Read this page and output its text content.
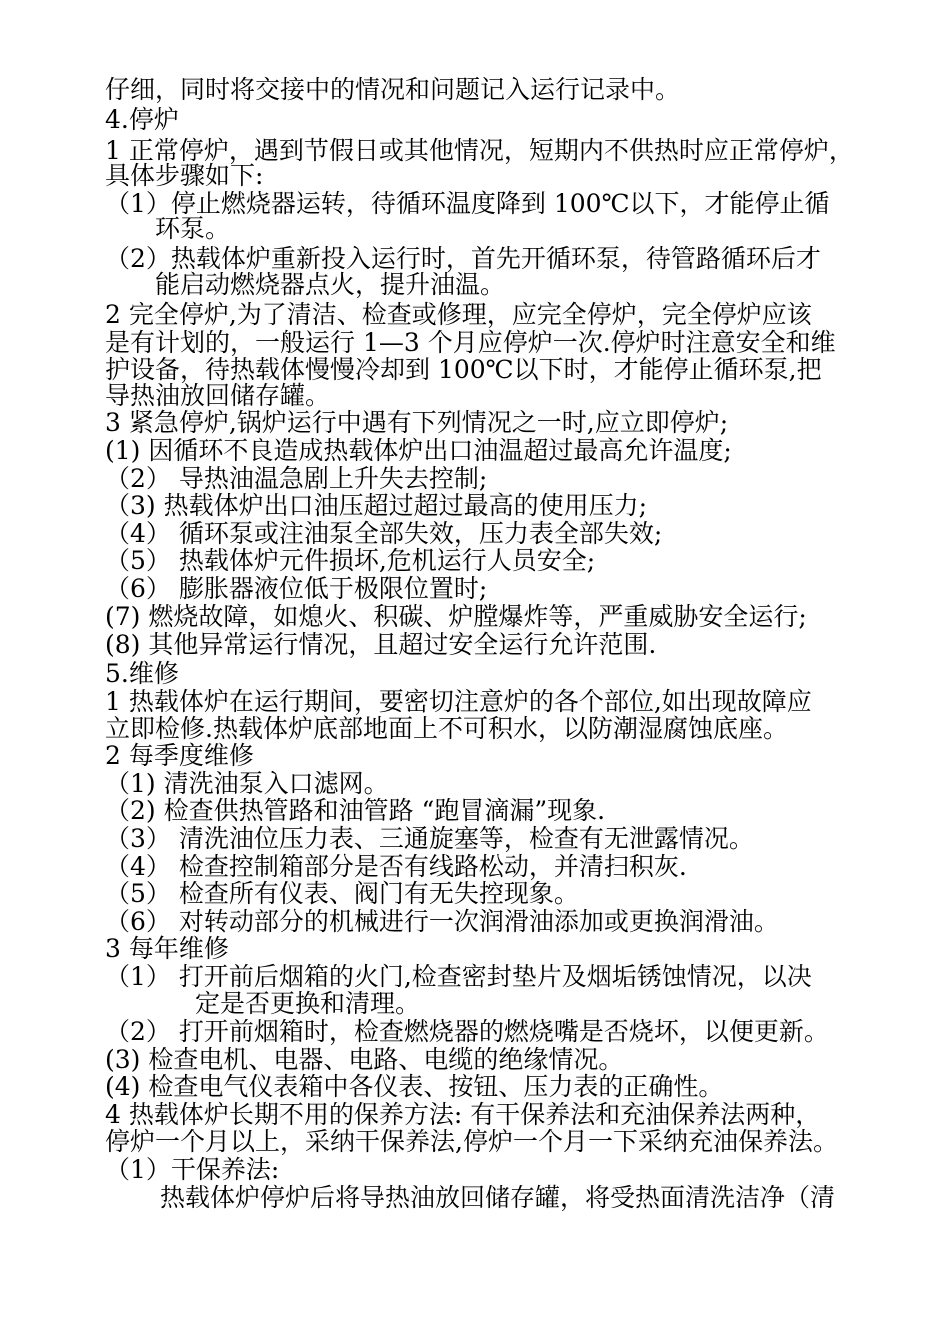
仔细，同时将交接中的情况和问题记入运行记录中。

4.停炉

1 正常停炉，遇到节假日或其他情况，短期内不供热时应正常停炉，

具体步骤如下:

（1）停止燃烧器运转，待循环温度降到 100℃以下，才能停止循

环泵。

（2）热载体炉重新投入运行时，首先开循环泵，待管路循环后才

能启动燃烧器点火，提升油温。

2 完全停炉,为了清洁、检查或修理，应完全停炉，完全停炉应该

是有计划的，一般运行 1—3 个月应停炉一次.停炉时注意安全和维

护设备，待热载体慢慢冷却到 100℃以下时，才能停止循环泵,把

导热油放回储存罐。

3 紧急停炉,锅炉运行中遇有下列情况之一时,应立即停炉;

(1) 因循环不良造成热载体炉出口油温超过最高允许温度;

（2） 导热油温急剧上升失去控制;

（3) 热载体炉出口油压超过超过最高的使用压力;

（4） 循环泵或注油泵全部失效，压力表全部失效;

（5） 热载体炉元件损坏,危机运行人员安全;

（6） 膨胀器液位低于极限位置时;

(7) 燃烧故障，如熄火、积碳、炉膛爆炸等，严重威胁安全运行;

(8) 其他异常运行情况，且超过安全运行允许范围.

5.维修

1 热载体炉在运行期间，要密切注意炉的各个部位,如出现故障应

立即检修.热载体炉底部地面上不可积水，以防潮湿腐蚀底座。

2 每季度维修

（1) 清洗油泵入口滤网。

（2) 检查供热管路和油管路 “跑冒滴漏”现象.

（3） 清洗油位压力表、三通旋塞等，检查有无泄露情况。

（4） 检查控制箱部分是否有线路松动，并清扫积灰.

（5） 检查所有仪表、阀门有无失控现象。

（6） 对转动部分的机械进行一次润滑油添加或更换润滑油。

3 每年维修

（1） 打开前后烟箱的火门,检查密封垫片及烟垢锈蚀情况，以决

定是否更换和清理。

（2） 打开前烟箱时，检查燃烧器的燃烧嘴是否烧坏，以便更新。

(3) 检查电机、电器、电路、电缆的绝缘情况。

(4) 检查电气仪表箱中各仪表、按钮、压力表的正确性。

4 热载体炉长期不用的保养方法: 有干保养法和充油保养法两种，

停炉一个月以上，采纳干保养法,停炉一个月一下采纳充油保养法。

（1）干保养法:

热载体炉停炉后将导热油放回储存罐，将受热面清洗洁净（清
